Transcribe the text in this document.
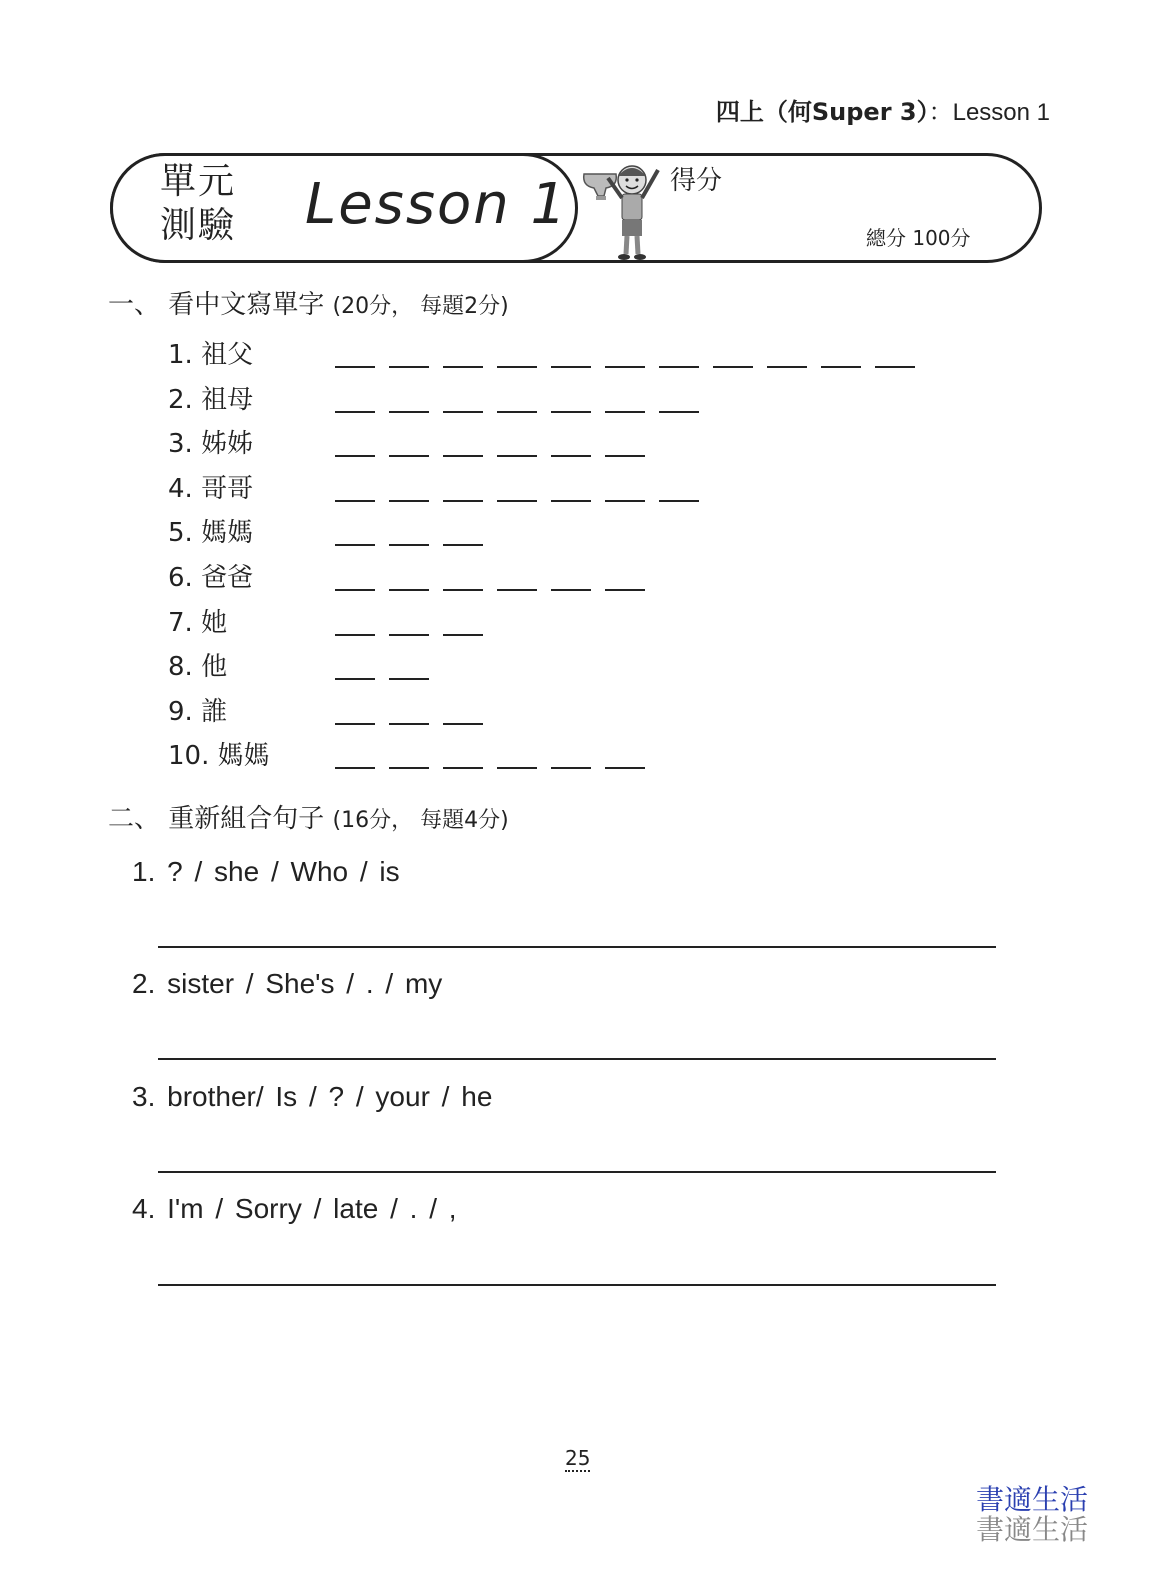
四上（何Super 3）：Lesson 1
單元
測驗 Lesson 1	得分
總分 100分
一、 看中文寫單字 (20分， 每題2分)
1. 祖父
2. 祖母
3. 姊姊
4. 哥哥
5. 媽媽
6. 爸爸
7. 她
8. 他
9. 誰
10. 媽媽
二、 重新組合句子 (16分， 每題4分)
1. ? / she / Who / is
2. sister / She's / . / my
3. brother/ Is / ? / your / he
4. I'm / Sorry / late / . / ,
25
書適生活
書適生活
